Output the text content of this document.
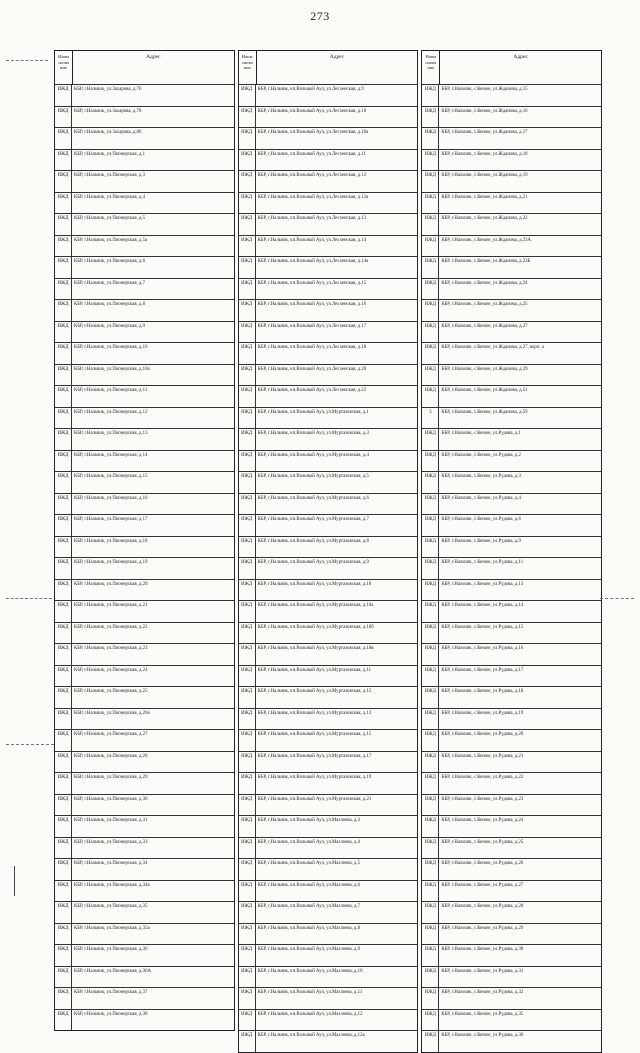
273
Наим снова ние
Адрес
ИЖД	КБР, г.Нальчик, ул.Захарова, д.76
ИЖД	КБР, г.Нальчик, ул.Захарова, д.78
ИЖД	КБР, г.Нальчик, ул.Захарова, д.80
ИЖД	КБР, г.Нальчик, ул.Пионерская, д.1
ИЖД	КБР, г.Нальчик, ул.Пионерская, д.3
ИЖД	КБР, г.Нальчик, ул.Пионерская, д.4
ИЖД	КБР, г.Нальчик, ул.Пионерская, д.5
ИЖД	КБР, г.Нальчик, ул.Пионерская, д.5а
ИЖД	КБР, г.Нальчик, ул.Пионерская, д.6
ИЖД	КБР, г.Нальчик, ул.Пионерская, д.7
ИЖД	КБР, г.Нальчик, ул.Пионерская, д.8
ИЖД	КБР, г.Нальчик, ул.Пионерская, д.9
ИЖД	КБР, г.Нальчик, ул.Пионерская, д.10
ИЖД	КБР, г.Нальчик, ул.Пионерская, д.10а
ИЖД	КБР, г.Нальчик, ул.Пионерская, д.11
ИЖД	КБР, г.Нальчик, ул.Пионерская, д.12
ИЖД	КБР, г.Нальчик, ул.Пионерская, д.13
ИЖД	КБР, г.Нальчик, ул.Пионерская, д.14
ИЖД	КБР, г.Нальчик, ул.Пионерская, д.15
ИЖД	КБР, г.Нальчик, ул.Пионерская, д.16
ИЖД	КБР, г.Нальчик, ул.Пионерская, д.17
ИЖД	КБР, г.Нальчик, ул.Пионерская, д.18
ИЖД	КБР, г.Нальчик, ул.Пионерская, д.19
ИЖД	КБР, г.Нальчик, ул.Пионерская, д.20
ИЖД	КБР, г.Нальчик, ул.Пионерская, д.21
ИЖД	КБР, г.Нальчик, ул.Пионерская, д.22
ИЖД	КБР, г.Нальчик, ул.Пионерская, д.23
ИЖД	КБР, г.Нальчик, ул.Пионерская, д.24
ИЖД	КБР, г.Нальчик, ул.Пионерская, д.25
ИЖД	КБР, г.Нальчик, ул.Пионерская, д.26а
ИЖД	КБР, г.Нальчик, ул.Пионерская, д.27
ИЖД	КБР, г.Нальчик, ул.Пионерская, д.28
ИЖД	КБР, г.Нальчик, ул.Пионерская, д.29
ИЖД	КБР, г.Нальчик, ул.Пионерская, д.30
ИЖД	КБР, г.Нальчик, ул.Пионерская, д.31
ИЖД	КБР, г.Нальчик, ул.Пионерская, д.33
ИЖД	КБР, г.Нальчик, ул.Пионерская, д.34
ИЖД	КБР, г.Нальчик, ул.Пионерская, д.34а
ИЖД	КБР, г.Нальчик, ул.Пионерская, д.35
ИЖД	КБР, г.Нальчик, ул.Пионерская, д.35а
ИЖД	КБР, г.Нальчик, ул.Пионерская, д.36
ИЖД	КБР, г.Нальчик, ул.Пионерская, д.36А
ИЖД	КБР, г.Нальчик, ул.Пионерская, д.37
ИЖД	КБР, г.Нальчик, ул.Пионерская, д.38
Наим снова ние
Адрес
ИЖД	КБР, г.Нальчик, кп.Вольный Аул, ул.Лесхенская, д.9
ИЖД	КБР, г.Нальчик, кп.Вольный Аул, ул.Лесхенская, д.10
ИЖД	КБР, г.Нальчик, кп.Вольный Аул, ул.Лесхенская, д.10а
ИЖД	КБР, г.Нальчик, кп.Вольный Аул, ул.Лесхенская, д.11
ИЖД	КБР, г.Нальчик, кп.Вольный Аул, ул.Лесхенская, д.12
ИЖД	КБР, г.Нальчик, кп.Вольный Аул, ул.Лесхенская, д.12а
ИЖД	КБР, г.Нальчик, кп.Вольный Аул, ул.Лесхенская, д.13
ИЖД	КБР, г.Нальчик, кп.Вольный Аул, ул.Лесхенская, д.14
ИЖД	КБР, г.Нальчик, кп.Вольный Аул, ул.Лесхенская, д.14а
ИЖД	КБР, г.Нальчик, кп.Вольный Аул, ул.Лесхенская, д.15
ИЖД	КБР, г.Нальчик, кп.Вольный Аул, ул.Лесхенская, д.16
ИЖД	КБР, г.Нальчик, кп.Вольный Аул, ул.Лесхенская, д.17
ИЖД	КБР, г.Нальчик, кп.Вольный Аул, ул.Лесхенская, д.18
ИЖД	КБР, г.Нальчик, кп.Вольный Аул, ул.Лесхенская, д.20
ИЖД	КБР, г.Нальчик, кп.Вольный Аул, ул.Лесхенская, д.22
ИЖД	КБР, г.Нальчик, кп.Вольный Аул, ул.Муртазовская, д.1
ИЖД	КБР, г.Нальчик, кп.Вольный Аул, ул.Муртазовская, д.3
ИЖД	КБР, г.Нальчик, кп.Вольный Аул, ул.Муртазовская, д.4
ИЖД	КБР, г.Нальчик, кп.Вольный Аул, ул.Муртазовская, д.5
ИЖД	КБР, г.Нальчик, кп.Вольный Аул, ул.Муртазовская, д.6
ИЖД	КБР, г.Нальчик, кп.Вольный Аул, ул.Муртазовская, д.7
ИЖД	КБР, г.Нальчик, кп.Вольный Аул, ул.Муртазовская, д.8
ИЖД	КБР, г.Нальчик, кп.Вольный Аул, ул.Муртазовская, д.9
ИЖД	КБР, г.Нальчик, кп.Вольный Аул, ул.Муртазовская, д.10
ИЖД	КБР, г.Нальчик, кп.Вольный Аул, ул.Муртазовская, д.10а
ИЖД	КБР, г.Нальчик, кп.Вольный Аул, ул.Муртазовская, д.10б
ИЖД	КБР, г.Нальчик, кп.Вольный Аул, ул.Муртазовская, д.10в
ИЖД	КБР, г.Нальчик, кп.Вольный Аул, ул.Муртазовская, д.11
ИЖД	КБР, г.Нальчик, кп.Вольный Аул, ул.Муртазовская, д.12
ИЖД	КБР, г.Нальчик, кп.Вольный Аул, ул.Муртазовская, д.13
ИЖД	КБР, г.Нальчик, кп.Вольный Аул, ул.Муртазовская, д.15
ИЖД	КБР, г.Нальчик, кп.Вольный Аул, ул.Муртазовская, д.17
ИЖД	КБР, г.Нальчик, кп.Вольный Аул, ул.Муртазовская, д.19
ИЖД	КБР, г.Нальчик, кп.Вольный Аул, ул.Муртазовская, д.21
ИЖД	КБР, г.Нальчик, кп.Вольный Аул, ул.Мазлоева, д.3
ИЖД	КБР, г.Нальчик, кп.Вольный Аул, ул.Мазлоева, д.4
ИЖД	КБР, г.Нальчик, кп.Вольный Аул, ул.Мазлоева, д.5
ИЖД	КБР, г.Нальчик, кп.Вольный Аул, ул.Мазлоева, д.6
ИЖД	КБР, г.Нальчик, кп.Вольный Аул, ул.Мазлоева, д.7
ИЖД	КБР, г.Нальчик, кп.Вольный Аул, ул.Мазлоева, д.8
ИЖД	КБР, г.Нальчик, кп.Вольный Аул, ул.Мазлоева, д.9
ИЖД	КБР, г.Нальчик, кп.Вольный Аул, ул.Мазлоева, д.10
ИЖД	КБР, г.Нальчик, кп.Вольный Аул, ул.Мазлоева, д.11
ИЖД	КБР, г.Нальчик, кп.Вольный Аул, ул.Мазлоева, д.12
ИЖД	КБР, г.Нальчик, кп.Вольный Аул, ул.Мазлоева, д.12а
Наим снова ние
Адрес
ИЖД	КБР, г.Нальчик, с.Кенже, ул.Жданова, д.15
ИЖД	КБР, г.Нальчик, с.Кенже, ул.Жданова, д.16
ИЖД	КБР, г.Нальчик, с.Кенже, ул.Жданова, д.17
ИЖД	КБР, г.Нальчик, с.Кенже, ул.Жданова, д.18
ИЖД	КБР, г.Нальчик, с.Кенже, ул.Жданова, д.19
ИЖД	КБР, г.Нальчик, с.Кенже, ул.Жданова, д.21
ИЖД	КБР, г.Нальчик, с.Кенже, ул.Жданова, д.22
ИЖД	КБР, г.Нальчик, с.Кенже, ул.Жданова, д.23А
ИЖД	КБР, г.Нальчик, с.Кенже, ул.Жданова, д.23Б
ИЖД	КБР, г.Нальчик, с.Кенже, ул.Жданова, д.24
ИЖД	КБР, г.Нальчик, с.Кенже, ул.Жданова, д.25
ИЖД	КБР, г.Нальчик, с.Кенже, ул.Жданова, д.27
ИЖД	КБР, г.Нальчик, с.Кенже, ул.Жданова, д.27, корп. а
ИЖД	КБР, г.Нальчик, с.Кенже, ул.Жданова, д.29
ИЖД	КБР, г.Нальчик, с.Кенже, ул.Жданова, д.51
3	КБР, г.Нальчик, с.Кенже, ул.Жданова, д.59
ИЖД	КБР, г.Нальчик, с.Кенже, ул.Рудова, д.1
ИЖД	КБР, г.Нальчик, с.Кенже, ул.Рудова, д.2
ИЖД	КБР, г.Нальчик, с.Кенже, ул.Рудова, д.3
ИЖД	КБР, г.Нальчик, с.Кенже, ул.Рудова, д.4
ИЖД	КБР, г.Нальчик, с.Кенже, ул.Рудова, д.6
ИЖД	КБР, г.Нальчик, с.Кенже, ул.Рудова, д.9
ИЖД	КБР, г.Нальчик, с.Кенже, ул.Рудова, д.11
ИЖД	КБР, г.Нальчик, с.Кенже, ул.Рудова, д.13
ИЖД	КБР, г.Нальчик, с.Кенже, ул.Рудова, д.14
ИЖД	КБР, г.Нальчик, с.Кенже, ул.Рудова, д.15
ИЖД	КБР, г.Нальчик, с.Кенже, ул.Рудова, д.16
ИЖД	КБР, г.Нальчик, с.Кенже, ул.Рудова, д.17
ИЖД	КБР, г.Нальчик, с.Кенже, ул.Рудова, д.18
ИЖД	КБР, г.Нальчик, с.Кенже, ул.Рудова, д.19
ИЖД	КБР, г.Нальчик, с.Кенже, ул.Рудова, д.20
ИЖД	КБР, г.Нальчик, с.Кенже, ул.Рудова, д.21
ИЖД	КБР, г.Нальчик, с.Кенже, ул.Рудова, д.22
ИЖД	КБР, г.Нальчик, с.Кенже, ул.Рудова, д.23
ИЖД	КБР, г.Нальчик, с.Кенже, ул.Рудова, д.24
ИЖД	КБР, г.Нальчик, с.Кенже, ул.Рудова, д.25
ИЖД	КБР, г.Нальчик, с.Кенже, ул.Рудова, д.26
ИЖД	КБР, г.Нальчик, с.Кенже, ул.Рудова, д.27
ИЖД	КБР, г.Нальчик, с.Кенже, ул.Рудова, д.28
ИЖД	КБР, г.Нальчик, с.Кенже, ул.Рудова, д.29
ИЖД	КБР, г.Нальчик, с.Кенже, ул.Рудова, д.30
ИЖД	КБР, г.Нальчик, с.Кенже, ул.Рудова, д.31
ИЖД	КБР, г.Нальчик, с.Кенже, ул.Рудова, д.32
ИЖД	КБР, г.Нальчик, с.Кенже, ул.Рудова, д.35
ИЖД	КБР, г.Нальчик, с.Кенже, ул.Рудова, д.36
